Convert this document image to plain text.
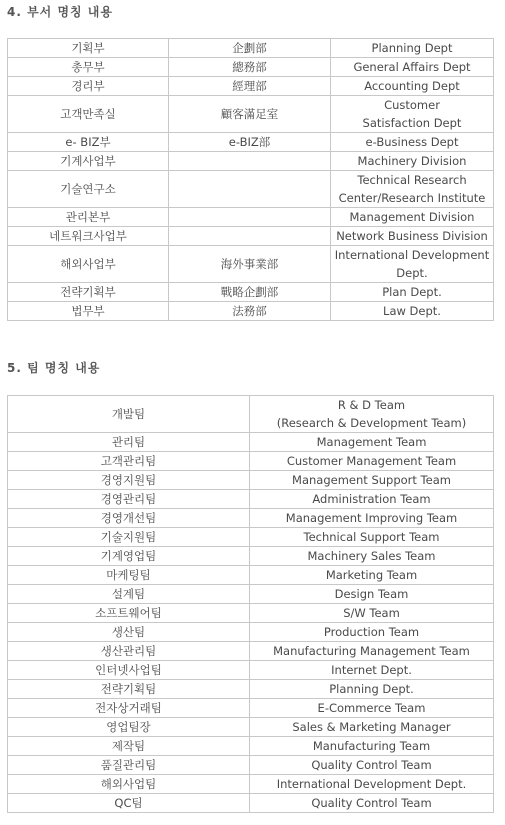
4. 부서 명칭 내용
기획부	企劃部	Planning Dept
총무부	總務部	General Affairs Dept
경리부	經理部	Accounting Dept
고객만족실	顧客滿足室	Customer
Satisfaction Dept
e- BIZ부	e-BIZ部	e-Business Dept
기계사업부		Machinery Division
기술연구소		Technical Research
Center/Research Institute
관리본부		Management Division
네트워크사업부		Network Business Division
해외사업부	海外事業部	International Development
Dept.
전략기획부	戰略企劃部	Plan Dept.
법무부	法務部	Law Dept.
5. 팀 명칭 내용
개발팀	R & D Team
(Research & Development Team)
관리팀	Management Team
고객관리팀	Customer Management Team
경영지원팀	Management Support Team
경영관리팀	Administration Team
경영개선팀	Management Improving Team
기술지원팀	Technical Support Team
기계영업팀	Machinery Sales Team
마케팅팀	Marketing Team
설계팀	Design Team
소프트웨어팀	S/W Team
생산팀	Production Team
생산관리팀	Manufacturing Management Team
인터넷사업팀	Internet Dept.
전략기획팀	Planning Dept.
전자상거래팀	E-Commerce Team
영업팀장	Sales & Marketing Manager
제작팀	Manufacturing Team
품질관리팀	Quality Control Team
해외사업팀	International Development Dept.
QC팀	Quality Control Team
